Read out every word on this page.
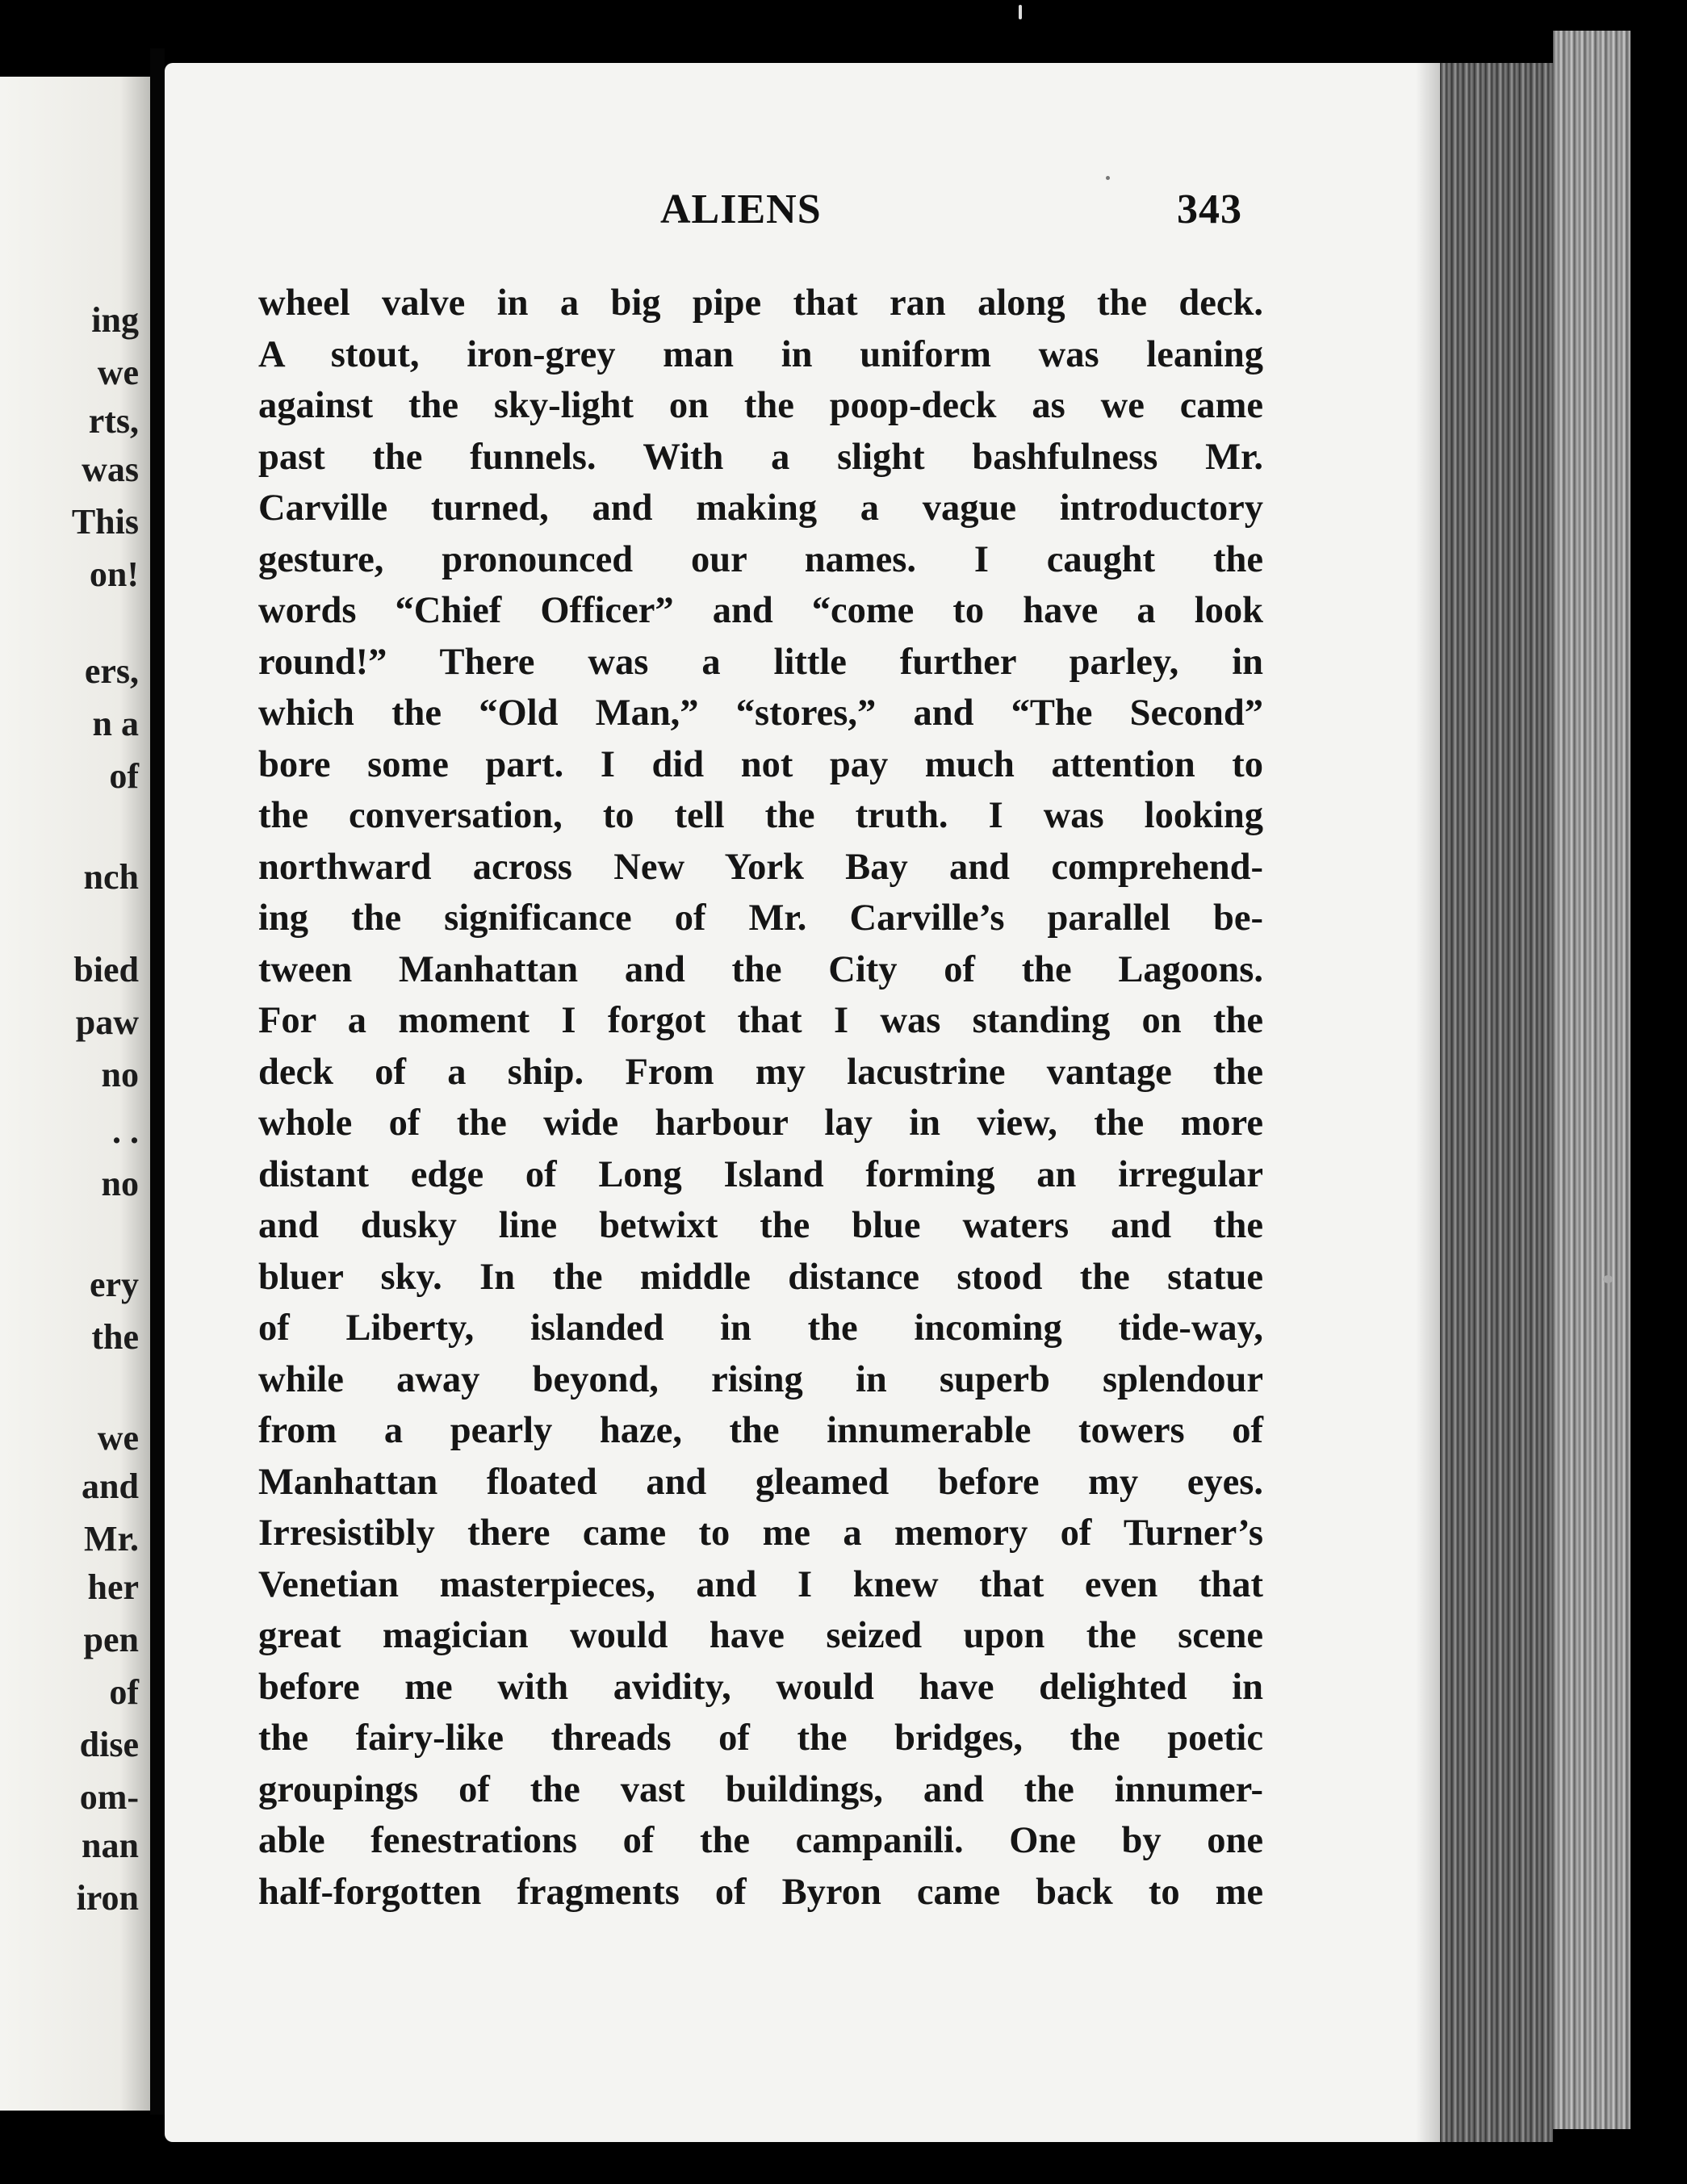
ing
we
rts,
was
This
on!
ers,
n a
of
nch
bied
paw
no
. .
no
ery
the
we
and
Mr.
her
pen
of
dise
om-
nan
iron
ALIENS	343
wheel valve in a big pipe that ran along the deck.
A stout, iron-grey man in uniform was leaning
against the sky-light on the poop-deck as we came
past the funnels. With a slight bashfulness Mr.
Carville turned, and making a vague introductory
gesture, pronounced our names. I caught the
words “Chief Officer” and “come to have a look
round!” There was a little further parley, in
which the “Old Man,” “stores,” and “The Second”
bore some part. I did not pay much attention to
the conversation, to tell the truth. I was looking
northward across New York Bay and comprehend-
ing the significance of Mr. Carville’s parallel be-
tween Manhattan and the City of the Lagoons.
For a moment I forgot that I was standing on the
deck of a ship. From my lacustrine vantage the
whole of the wide harbour lay in view, the more
distant edge of Long Island forming an irregular
and dusky line betwixt the blue waters and the
bluer sky. In the middle distance stood the statue
of Liberty, islanded in the incoming tide-way,
while away beyond, rising in superb splendour
from a pearly haze, the innumerable towers of
Manhattan floated and gleamed before my eyes.
Irresistibly there came to me a memory of Turner’s
Venetian masterpieces, and I knew that even that
great magician would have seized upon the scene
before me with avidity, would have delighted in
the fairy-like threads of the bridges, the poetic
groupings of the vast buildings, and the innumer-
able fenestrations of the campanili. One by one
half-forgotten fragments of Byron came back to me
